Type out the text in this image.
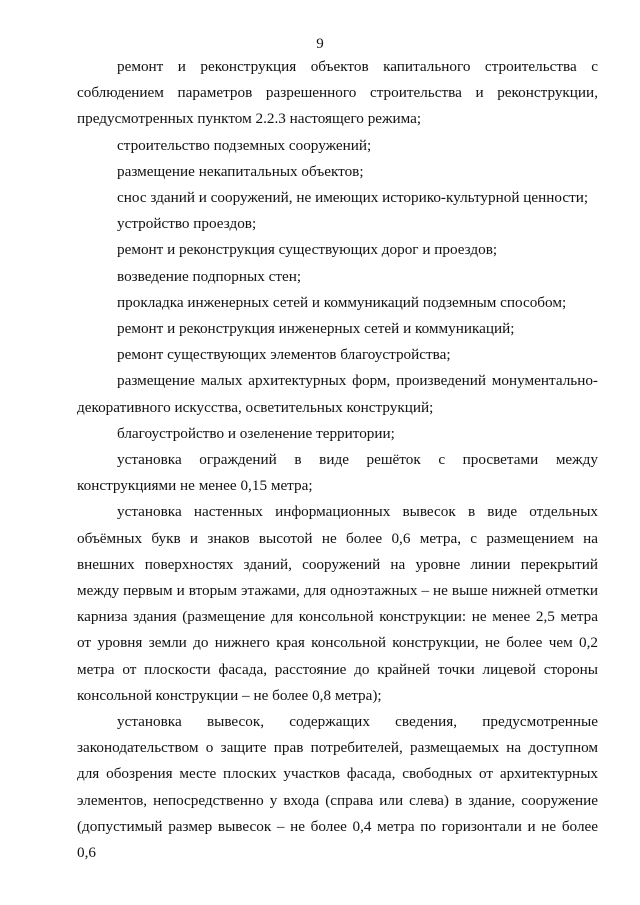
9

ремонт и реконструкция объектов капитального строительства с соблюдением параметров разрешенного строительства и реконструкции, предусмотренных пунктом 2.2.3 настоящего режима;

строительство подземных сооружений;

размещение некапитальных объектов;

снос зданий и сооружений, не имеющих историко-культурной ценности;

устройство проездов;

ремонт и реконструкция существующих дорог и проездов;

возведение подпорных стен;

прокладка инженерных сетей и коммуникаций подземным способом;

ремонт и реконструкция инженерных сетей и коммуникаций;

ремонт существующих элементов благоустройства;

размещение малых архитектурных форм, произведений монументально-декоративного искусства, осветительных конструкций;

благоустройство и озеленение территории;

установка ограждений в виде решёток с просветами между конструкциями не менее 0,15 метра;

установка настенных информационных вывесок в виде отдельных объёмных букв и знаков высотой не более 0,6 метра, с размещением на внешних поверхностях зданий, сооружений на уровне линии перекрытий между первым и вторым этажами, для одноэтажных – не выше нижней отметки карниза здания (размещение для консольной конструкции: не менее 2,5 метра от уровня земли до нижнего края консольной конструкции, не более чем 0,2 метра от плоскости фасада, расстояние до крайней точки лицевой стороны консольной конструкции – не более 0,8 метра);

установка вывесок, содержащих сведения, предусмотренные законодательством о защите прав потребителей, размещаемых на доступном для обозрения месте плоских участков фасада, свободных от архитектурных элементов, непосредственно у входа (справа или слева) в здание, сооружение (допустимый размер вывесок – не более 0,4 метра по горизонтали и не более 0,6
